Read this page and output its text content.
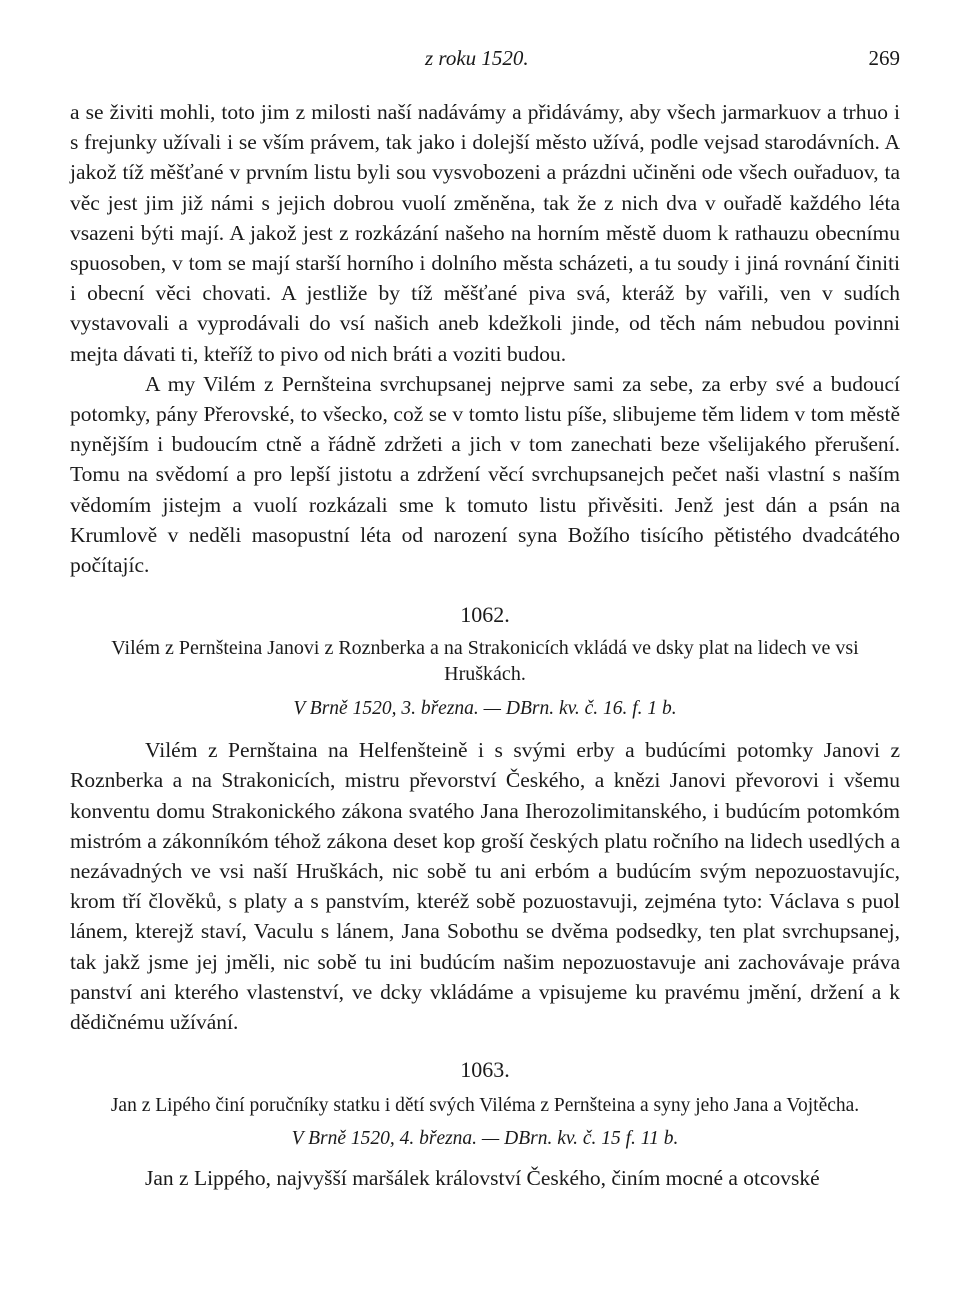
z roku 1520.	269

a se živiti mohli, toto jim z milosti naší nadávámy a přidávámy, aby všech jarmarkuov a trhuo i s frejunky užívali i se vším právem, tak jako i dolejší město užívá, podle vejsad starodávních. A jakož tíž měšťané v prvním listu byli sou vysvobozeni a prázdni učiněni ode všech ouřaduov, ta věc jest jim již námi s jejich dobrou vuolí změněna, tak že z nich dva v ouřadě každého léta vsazeni býti mají. A jakož jest z rozkázání našeho na horním městě duom k rathauzu obecnímu spuosoben, v tom se mají starší horního i dolního města scházeti, a tu soudy i jiná rovnání činiti i obecní věci chovati. A jestliže by tíž měšťané piva svá, kteráž by vařili, ven v sudích vystavovali a vyprodávali do vsí našich aneb kdežkoli jinde, od těch nám nebudou povinni mejta dávati ti, kteříž to pivo od nich bráti a voziti budou.

A my Vilém z Pernšteina svrchupsanej nejprve sami za sebe, za erby své a budoucí potomky, pány Přerovské, to všecko, což se v tomto listu píše, slibujeme těm lidem v tom městě nynějším i budoucím ctně a řádně zdržeti a jich v tom zanechati beze všelijakého přerušení. Tomu na svědomí a pro lepší jistotu a zdržení věcí svrchupsanejch pečet naši vlastní s naším vědomím jistejm a vuolí rozkázali sme k tomuto listu přivěsiti. Jenž jest dán a psán na Krumlově v neděli masopustní léta od narození syna Božího tisícího pětistého dvadcátého počítajíc.

1062.

Vilém z Pernšteina Janovi z Roznberka a na Strakonicích vkládá ve dsky plat na lidech ve vsi Hruškách.

V Brně 1520, 3. března. — DBrn. kv. č. 16. f. 1 b.

Vilém z Pernštaina na Helfenšteině i s svými erby a budúcími potomky Janovi z Roznberka a na Strakonicích, mistru převorství Českého, a knězi Janovi převorovi i všemu konventu domu Strakonického zákona svatého Jana Iherozolimitanského, i budúcím potomkóm mistróm a zákonníkóm téhož zákona deset kop groší českých platu ročního na lidech usedlých a nezávadných ve vsi naší Hruškách, nic sobě tu ani erbóm a budúcím svým nepozuostavujíc, krom tří člověků, s platy a s panstvím, kteréž sobě pozuostavuji, zejména tyto: Václava s puol lánem, kterejž staví, Vaculu s lánem, Jana Sobothu se dvěma podsedky, ten plat svrchupsanej, tak jakž jsme jej jměli, nic sobě tu ini budúcím našim nepozuostavuje ani zachovávaje práva panství ani kterého vlastenství, ve dcky vkládáme a vpisujeme ku pravému jmění, držení a k dědičnému užívání.

1063.

Jan z Lipého činí poručníky statku i dětí svých Viléma z Pernšteina a syny jeho Jana a Vojtěcha.

V Brně 1520, 4. března. — DBrn. kv. č. 15 f. 11 b.

Jan z Lippého, najvyšší maršálek království Českého, činím mocné a otcovské
